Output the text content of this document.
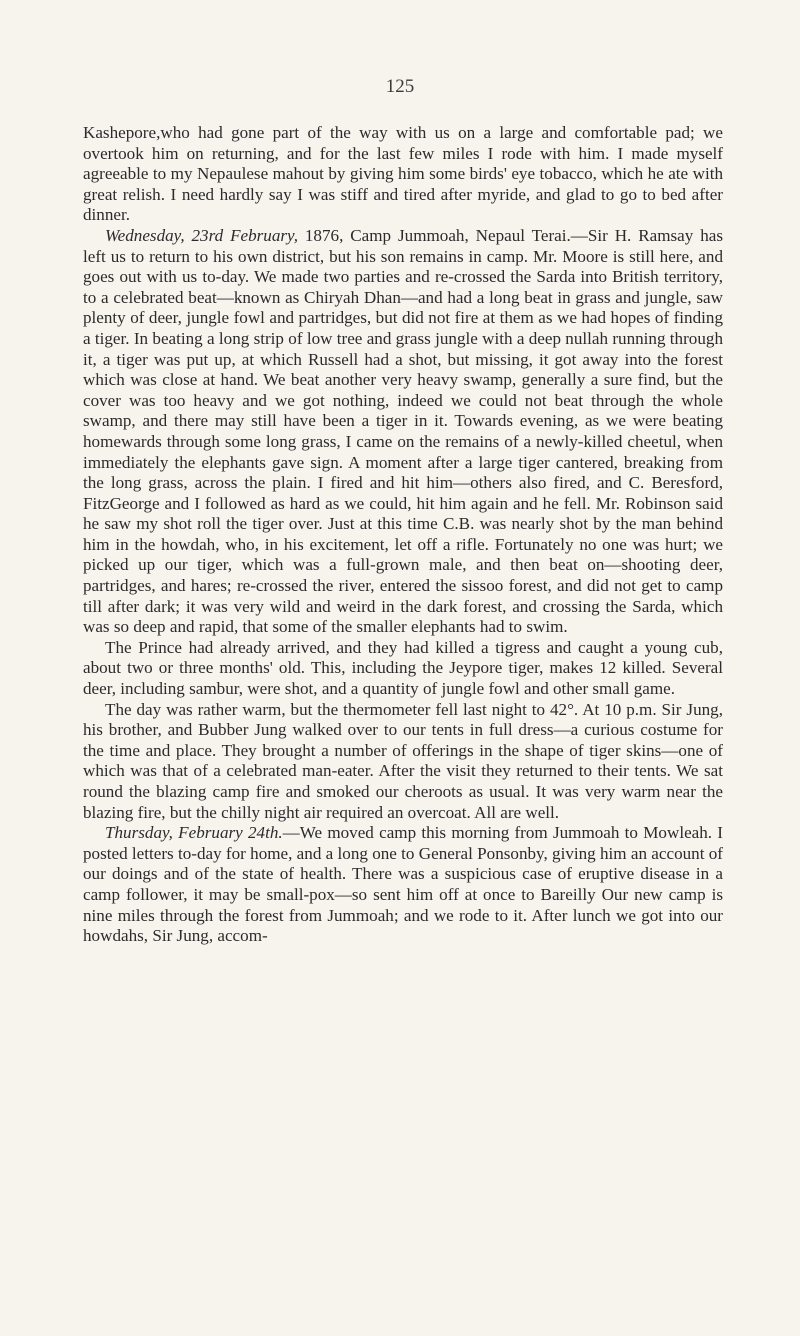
125

Kashepore,who had gone part of the way with us on a large and comfortable pad; we overtook him on returning, and for the last few miles I rode with him. I made myself agreeable to my Nepaulese mahout by giving him some birds' eye tobacco, which he ate with great relish. I need hardly say I was stiff and tired after myride, and glad to go to bed after dinner.

Wednesday, 23rd February, 1876, Camp Jummoah, Nepaul Terai.—Sir H. Ramsay has left us to return to his own district, but his son remains in camp. Mr. Moore is still here, and goes out with us to-day. We made two parties and re-crossed the Sarda into British territory, to a celebrated beat—known as Chiryah Dhan—and had a long beat in grass and jungle, saw plenty of deer, jungle fowl and partridges, but did not fire at them as we had hopes of finding a tiger. In beating a long strip of low tree and grass jungle with a deep nullah running through it, a tiger was put up, at which Russell had a shot, but missing, it got away into the forest which was close at hand. We beat another very heavy swamp, generally a sure find, but the cover was too heavy and we got nothing, indeed we could not beat through the whole swamp, and there may still have been a tiger in it. Towards evening, as we were beating homewards through some long grass, I came on the remains of a newly-killed cheetul, when immediately the elephants gave sign. A moment after a large tiger cantered, breaking from the long grass, across the plain. I fired and hit him—others also fired, and C. Beresford, FitzGeorge and I followed as hard as we could, hit him again and he fell. Mr. Robinson said he saw my shot roll the tiger over. Just at this time C.B. was nearly shot by the man behind him in the howdah, who, in his excitement, let off a rifle. Fortunately no one was hurt; we picked up our tiger, which was a full-grown male, and then beat on—shooting deer, partridges, and hares; re-crossed the river, entered the sissoo forest, and did not get to camp till after dark; it was very wild and weird in the dark forest, and crossing the Sarda, which was so deep and rapid, that some of the smaller elephants had to swim.

The Prince had already arrived, and they had killed a tigress and caught a young cub, about two or three months' old. This, including the Jeypore tiger, makes 12 killed. Several deer, including sambur, were shot, and a quantity of jungle fowl and other small game.

The day was rather warm, but the thermometer fell last night to 42°. At 10 p.m. Sir Jung, his brother, and Bubber Jung walked over to our tents in full dress—a curious costume for the time and place. They brought a number of offerings in the shape of tiger skins—one of which was that of a celebrated man-eater. After the visit they returned to their tents. We sat round the blazing camp fire and smoked our cheroots as usual. It was very warm near the blazing fire, but the chilly night air required an overcoat. All are well.

Thursday, February 24th.—We moved camp this morning from Jummoah to Mowleah. I posted letters to-day for home, and a long one to General Ponsonby, giving him an account of our doings and of the state of health. There was a suspicious case of eruptive disease in a camp follower, it may be small-pox—so sent him off at once to Bareilly Our new camp is nine miles through the forest from Jummoah; and we rode to it. After lunch we got into our howdahs, Sir Jung, accom-
